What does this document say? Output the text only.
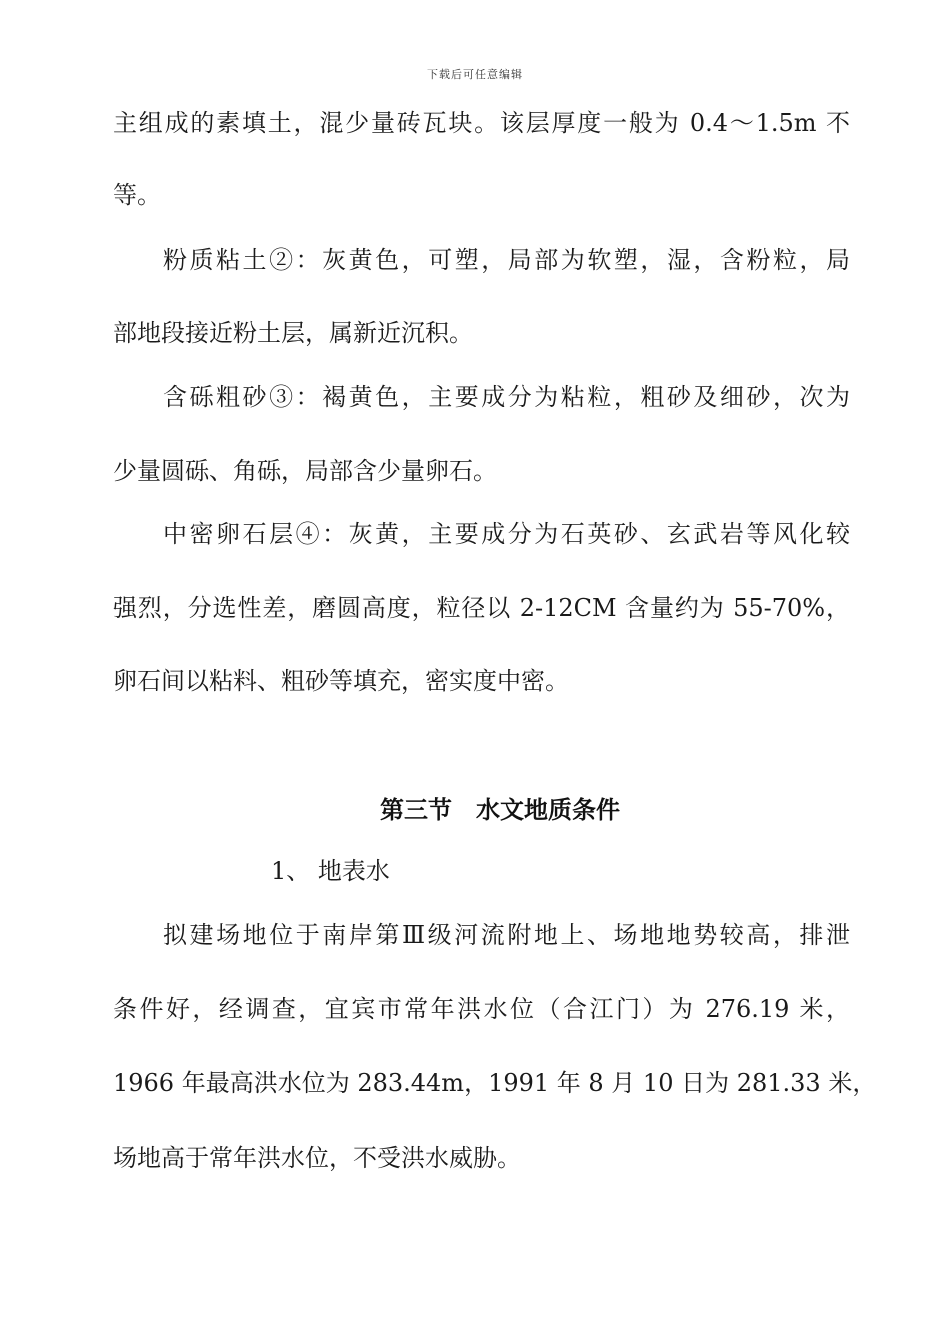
下载后可任意编辑
主组成的素填土，混少量砖瓦块。该层厚度一般为 0.4～1.5m 不
等。
粉质粘土②：灰黄色，可塑，局部为软塑，湿，含粉粒，局
部地段接近粉土层，属新近沉积。
含砾粗砂③：褐黄色，主要成分为粘粒，粗砂及细砂，次为
少量圆砾、角砾，局部含少量卵石。
中密卵石层④：灰黄，主要成分为石英砂、玄武岩等风化较
强烈，分选性差，磨圆高度，粒径以 2-12CM 含量约为 55-70%，
卵石间以粘料、粗砂等填充，密实度中密。
第三节　水文地质条件
1、 地表水
拟建场地位于南岸第Ⅲ级河流附地上、场地地势较高，排泄
条件好，经调查，宜宾市常年洪水位（合江门）为 276.19 米，
1966 年最高洪水位为 283.44m，1991 年 8 月 10 日为 281.33 米，
场地高于常年洪水位，不受洪水威胁。
